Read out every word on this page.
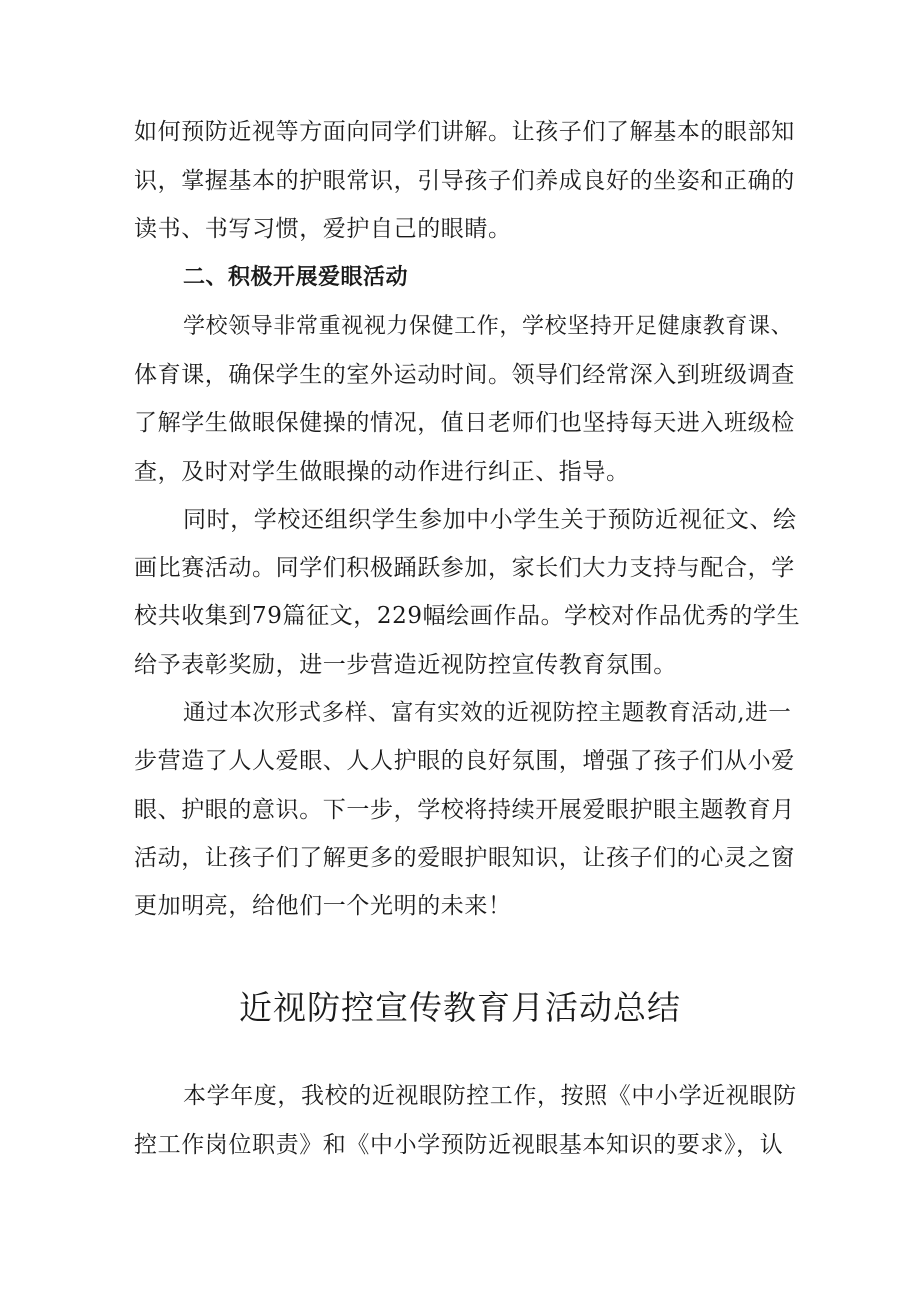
如何预防近视等方面向同学们讲解。让孩子们了解基本的眼部知
识，掌握基本的护眼常识，引导孩子们养成良好的坐姿和正确的
读书、书写习惯，爱护自己的眼睛。
二、积极开展爱眼活动
学校领导非常重视视力保健工作，学校坚持开足健康教育课、
体育课，确保学生的室外运动时间。领导们经常深入到班级调查
了解学生做眼保健操的情况，值日老师们也坚持每天进入班级检
查，及时对学生做眼操的动作进行纠正、指导。
同时，学校还组织学生参加中小学生关于预防近视征文、绘
画比赛活动。同学们积极踊跃参加，家长们大力支持与配合，学
校共收集到79篇征文，229幅绘画作品。学校对作品优秀的学生
给予表彰奖励，进一步营造近视防控宣传教育氛围。
通过本次形式多样、富有实效的近视防控主题教育活动,进一
步营造了人人爱眼、人人护眼的良好氛围，增强了孩子们从小爱
眼、护眼的意识。下一步，学校将持续开展爱眼护眼主题教育月
活动，让孩子们了解更多的爱眼护眼知识，让孩子们的心灵之窗
更加明亮，给他们一个光明的未来！
近视防控宣传教育月活动总结
本学年度，我校的近视眼防控工作，按照《中小学近视眼防
控工作岗位职责》和《中小学预防近视眼基本知识的要求》，认
